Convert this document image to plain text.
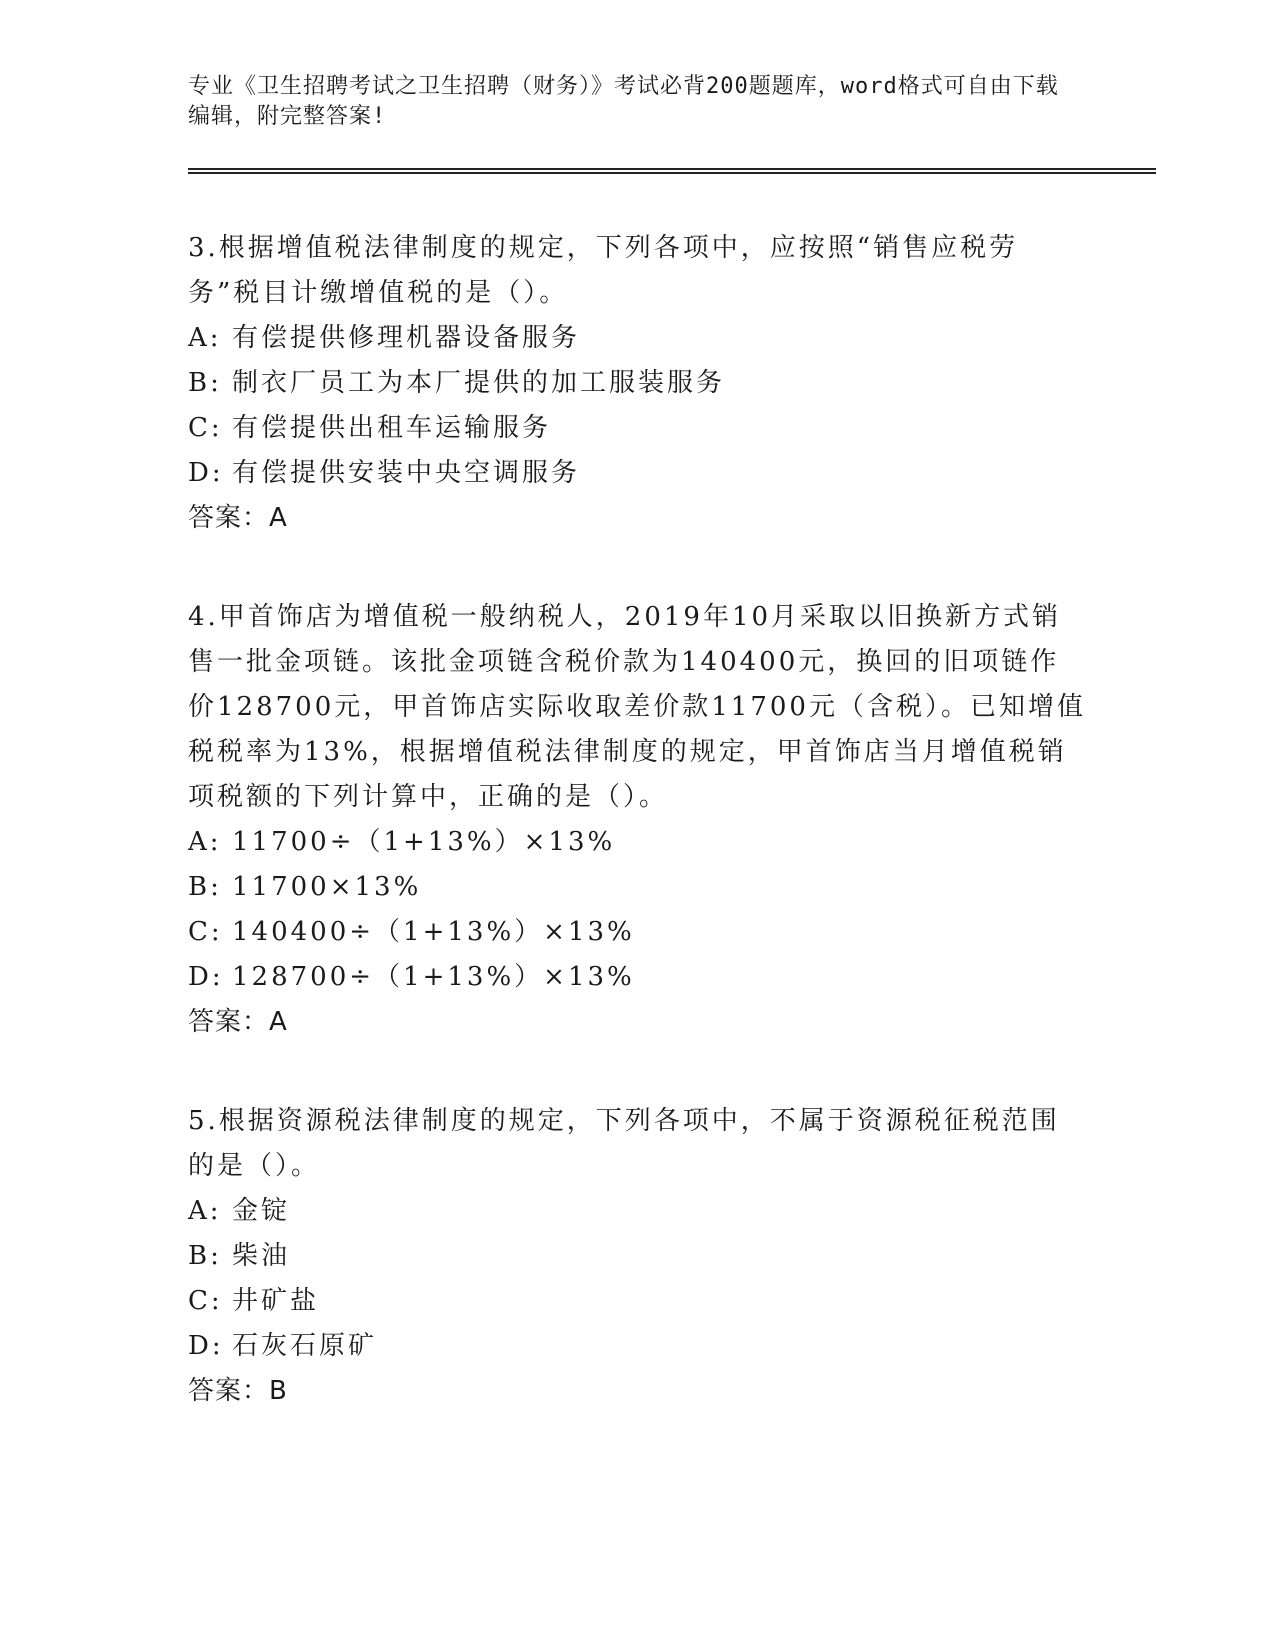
专业《卫生招聘考试之卫生招聘（财务）》考试必背200题题库，word格式可自由下载编辑，附完整答案!

3.根据增值税法律制度的规定，下列各项中，应按照“销售应税劳务”税目计缴增值税的是（）。

A: 有偿提供修理机器设备服务
B: 制衣厂员工为本厂提供的加工服装服务
C: 有偿提供出租车运输服务
D: 有偿提供安装中央空调服务

答案：A

4.甲首饰店为增值税一般纳税人，2019年10月采取以旧换新方式销售一批金项链。该批金项链含税价款为140400元，换回的旧项链作价128700元，甲首饰店实际收取差价款11700元（含税）。已知增值税税率为13%，根据增值税法律制度的规定，甲首饰店当月增值税销项税额的下列计算中，正确的是（）。

A: 11700÷（1+13%）×13%
B: 11700×13%
C: 140400÷（1+13%）×13%
D: 128700÷（1+13%）×13%

答案：A

5.根据资源税法律制度的规定，下列各项中，不属于资源税征税范围的是（）。

A: 金锭
B: 柴油
C: 井矿盐
D: 石灰石原矿

答案：B
